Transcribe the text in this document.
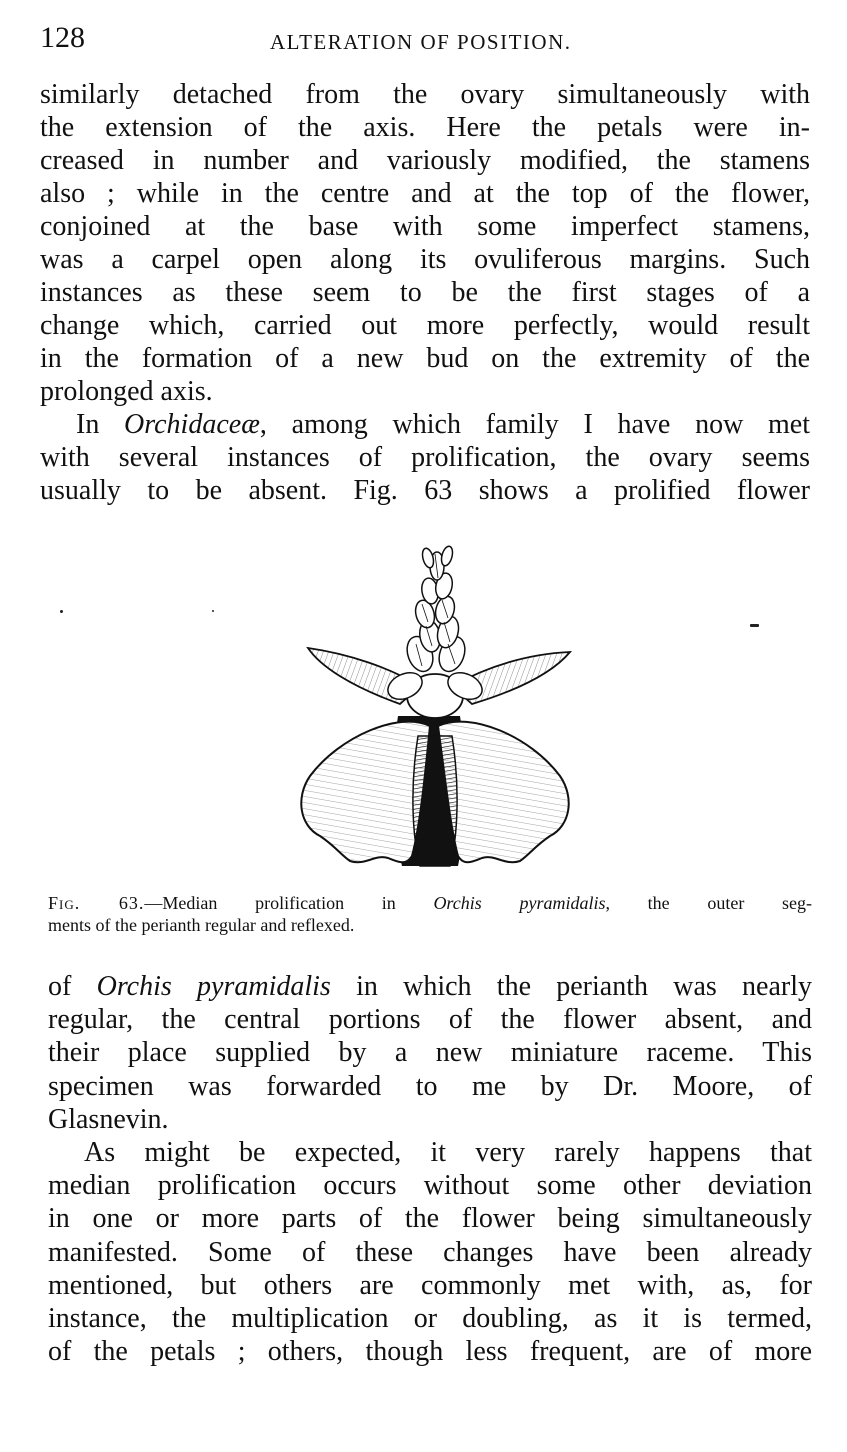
128	ALTERATION OF POSITION.
similarly detached from the ovary simultaneously with
the extension of the axis. Here the petals were in-
creased in number and variously modified, the stamens
also ; while in the centre and at the top of the flower,
conjoined at the base with some imperfect stamens,
was a carpel open along its ovuliferous margins. Such
instances as these seem to be the first stages of a
change which, carried out more perfectly, would result
in the formation of a new bud on the extremity of the
prolonged axis.
In Orchidaceæ, among which family I have now met
with several instances of prolification, the ovary seems
usually to be absent. Fig. 63 shows a prolified flower
Fig. 63.—Median prolification in Orchis pyramidalis, the outer seg-
ments of the perianth regular and reflexed.
of Orchis pyramidalis in which the perianth was nearly
regular, the central portions of the flower absent, and
their place supplied by a new miniature raceme. This
specimen was forwarded to me by Dr. Moore, of
Glasnevin.
As might be expected, it very rarely happens that
median prolification occurs without some other deviation
in one or more parts of the flower being simultaneously
manifested. Some of these changes have been already
mentioned, but others are commonly met with, as, for
instance, the multiplication or doubling, as it is termed,
of the petals ; others, though less frequent, are of more
